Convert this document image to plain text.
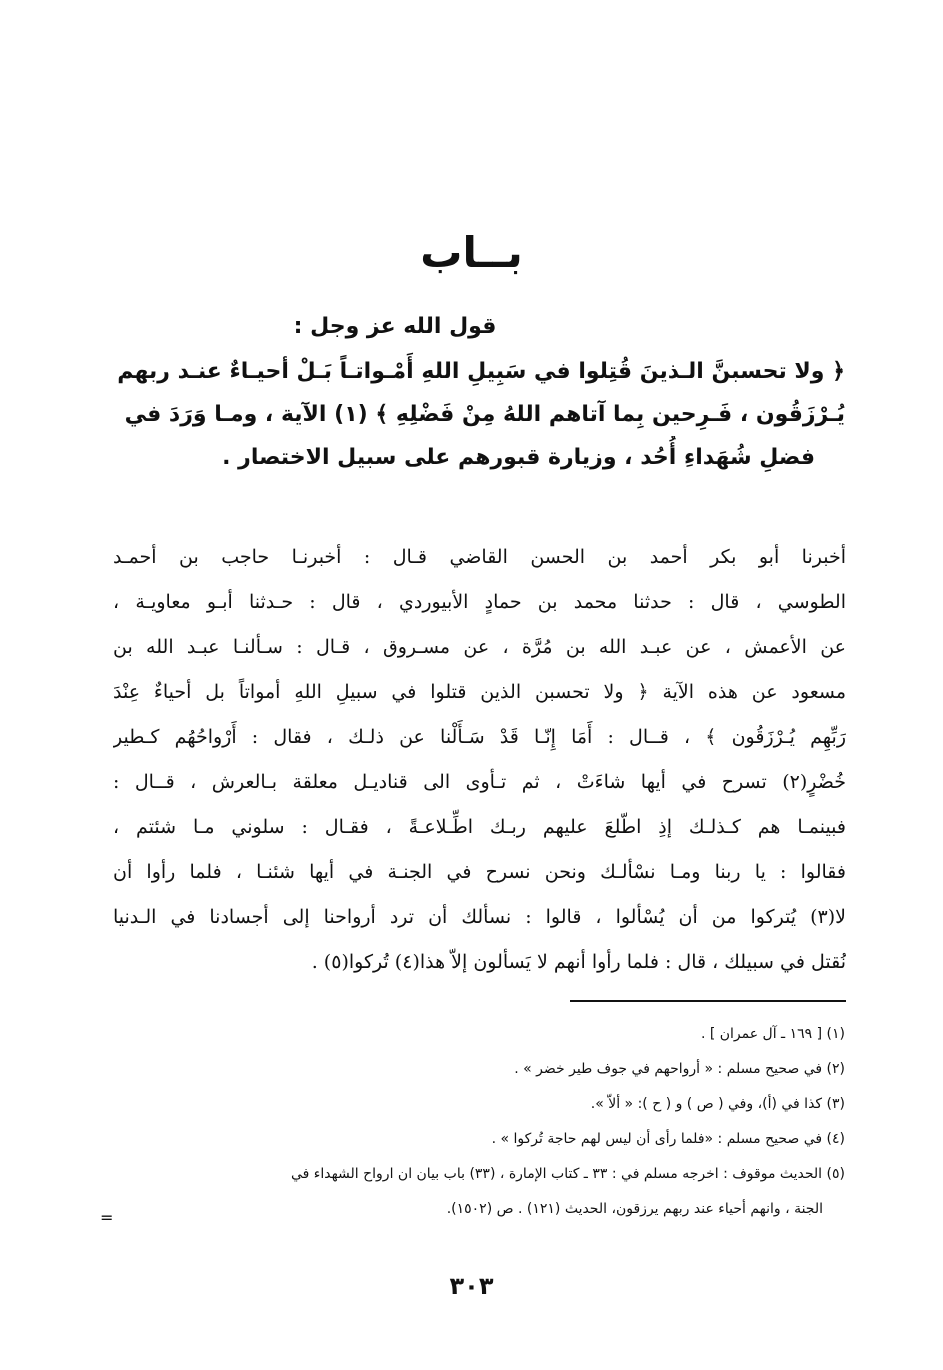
بــاب
قول الله عز وجل :
﴿ ولا تحسبنَّ الـذينَ قُتِلوا في سَبِيلِ اللهِ أَمْـواتـاً بَـلْ أحيـاءٌ عنـد ربهم
يُـرْزَقُون ، فَـرِحين بِما آتاهم اللهُ مِنْ فَضْلِهِ ﴾ (١) الآية ، ومـا وَرَدَ في
فضلِ شُهَداءِ أُحُد ، وزيارة قبورهم على سبيل الاختصار .
أخبرنا أبو بكر أحمد بن الحسن القاضي قـال : أخبرنـا حاجب بن أحمـد
الطوسي ، قال : حدثنا محمد بن حمادٍ الأبيوردي ، قال : حـدثنا أبـو معاويـة ،
عن الأعمش ، عن عبـد الله بن مُرَّة ، عن مسـروق ، قـال : سـألنـا عبـد الله بن
مسعود عن هذه الآية ﴿ ولا تحسبن الذين قتلوا في سبيلِ اللهِ أمواتاً بل أحياءٌ عِنْدَ
رَبِّهِم يُـرْزَقُون ﴾ ، قــال : أَمَا إِنّـا قَدْ سَـأَلْنا عن ذلـك ، فقال : أَرْواحُهُم كـطير
خُضْرٍ(٢) تسرح في أيها شاءَتْ ، ثم تـأوى الى قناديـل معلقة بـالعرش ، قــال :
فبينمـا هم كـذلـك إذِ اطّلعَ عليهم ربـك اطِّـلاعـةً ، فقـال : سلوني مـا شئتم ،
فقالوا : يا ربنا ومـا نسْألـك ونحن نسرح في الجنـة في أيها شئنـا ، فلما رأوا أن
لا(٣) يُتركوا من أن يُسْألوا ، قالوا : نسألك أن ترد أرواحنا إلى أجسادنا في الـدنيا
نُقتل في سبيلك ، قال : فلما رأوا أنهم لا يَسألون إلاّ هذا(٤) تُركوا(٥) .
(١) [ ١٦٩ ـ آل عمران ] .
(٢) في صحيح مسلم : « أرواحهم في جوف طير خضر » .
(٣) كذا في (أ)، وفي ( ص ) و ( ح ): « ألاّ ».
(٤) في صحيح مسلم : «فلما رأى أن ليس لهم حاجة تُركوا » .
(٥) الحديث موقوف : اخرجه مسلم في : ٣٣ ـ كتاب الإمارة ، (٣٣) باب بيان ان ارواح الشهداء في
الجنة ، وانهم أحياء عند ربهم يرزقون، الحديث (١٢١) . ص (١٥٠٢).
=
٣٠٣
